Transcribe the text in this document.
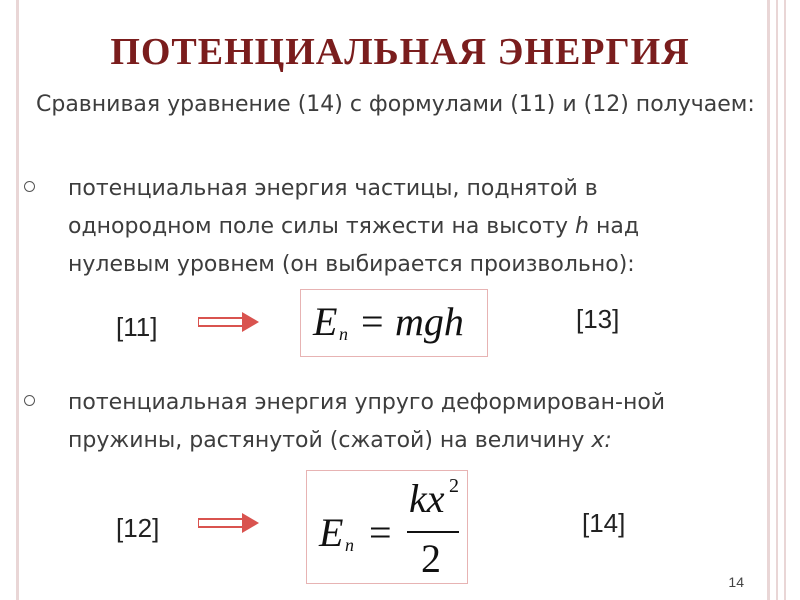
ПОТЕНЦИАЛЬНАЯ ЭНЕРГИЯ
Сравнивая уравнение (14) с формулами (11) и (12) получаем:
потенциальная энергия частицы, поднятой в однородном поле силы тяжести на высоту h над нулевым уровнем (он выбирается произвольно):
[11]	E п = mgh	[13]
потенциальная энергия упруго деформирован-ной пружины, растянутой (сжатой) на величину x:
[12]	E п =
kx 2
2
[14]
14
